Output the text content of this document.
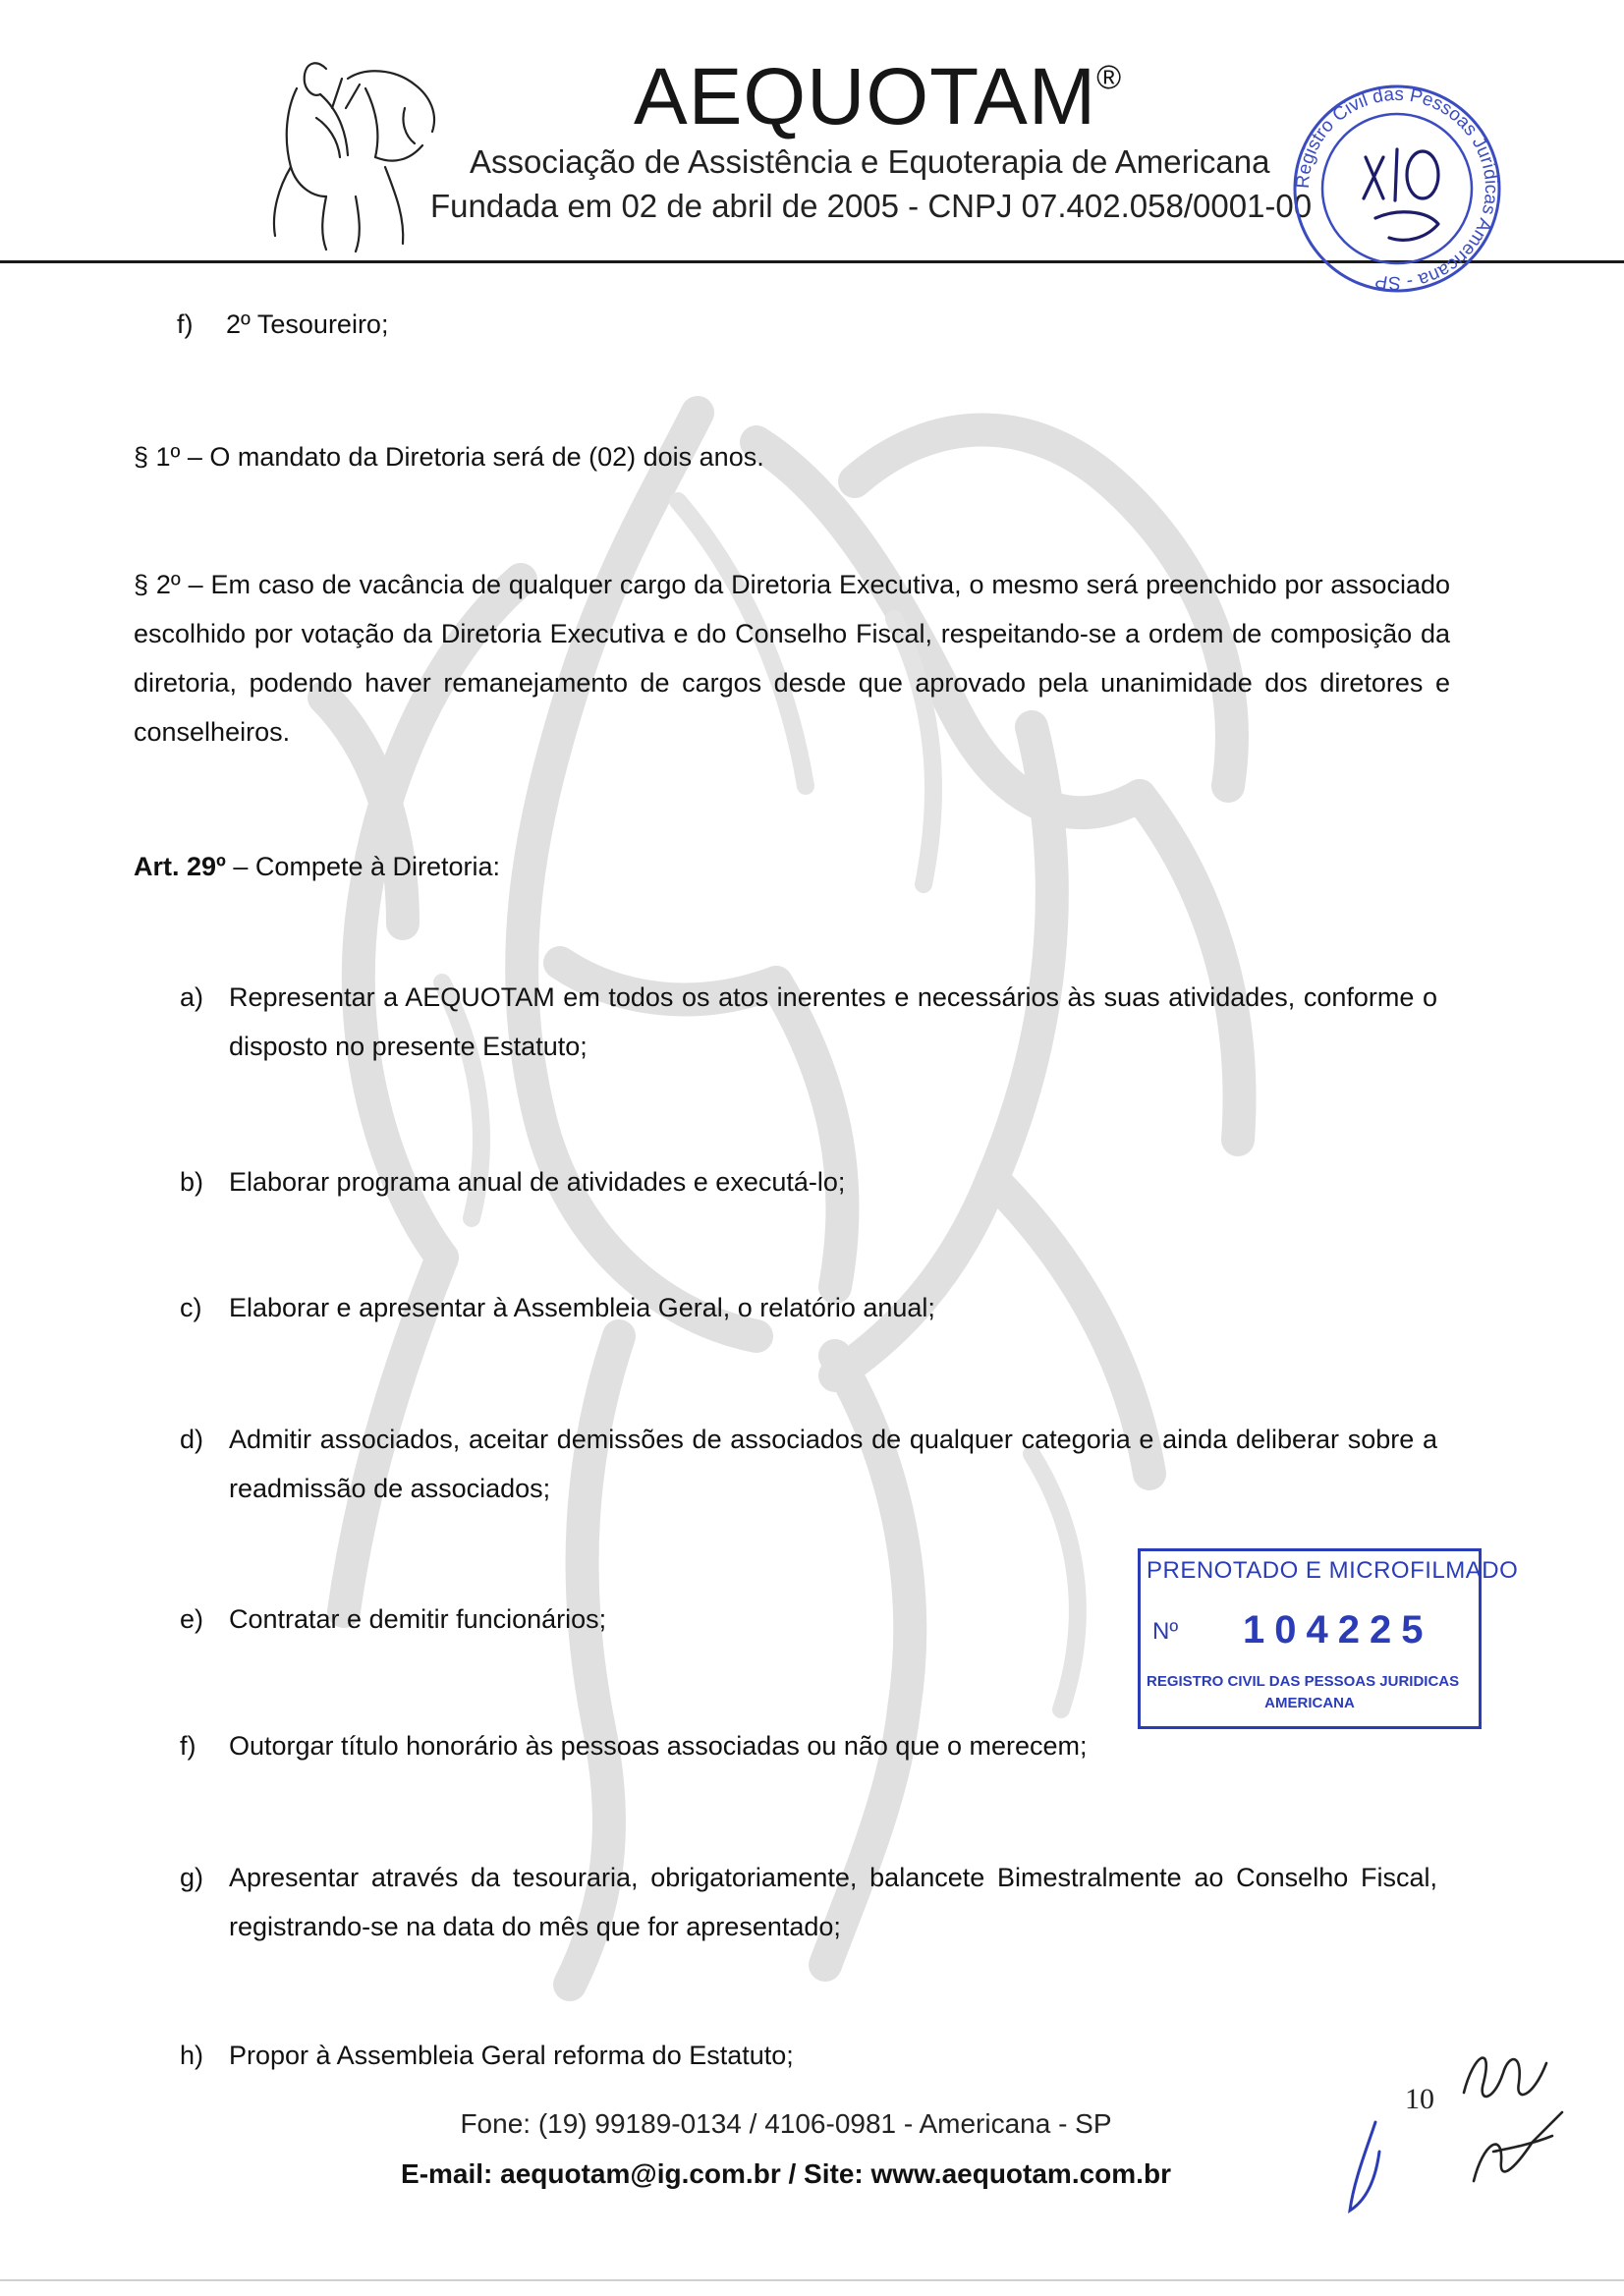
AEQUOTAM®
Associação de Assistência e Equoterapia de Americana
Fundada em 02 de abril de 2005 - CNPJ 07.402.058/0001-00
Registro Civil das Pessoas Jurídicas Americana - SP
f) 2º Tesoureiro;
§ 1º – O mandato da Diretoria será de (02) dois anos.
§ 2º – Em caso de vacância de qualquer cargo da Diretoria Executiva, o mesmo será preenchido por associado escolhido por votação da Diretoria Executiva e do Conselho Fiscal, respeitando-se a ordem de composição da diretoria, podendo haver remanejamento de cargos desde que aprovado pela unanimidade dos diretores e conselheiros.
Art. 29º – Compete à Diretoria:
a) Representar a AEQUOTAM em todos os atos inerentes e necessários às suas atividades, conforme o disposto no presente Estatuto;
b) Elaborar programa anual de atividades e executá-lo;
c) Elaborar e apresentar à Assembleia Geral, o relatório anual;
d) Admitir associados, aceitar demissões de associados de qualquer categoria e ainda deliberar sobre a readmissão de associados;
e) Contratar e demitir funcionários;
f) Outorgar título honorário às pessoas associadas ou não que o merecem;
g) Apresentar através da tesouraria, obrigatoriamente, balancete Bimestralmente ao Conselho Fiscal, registrando-se na data do mês que for apresentado;
h) Propor à Assembleia Geral reforma do Estatuto;
PRENOTADO E MICROFILMADO
Nº 104225
REGISTRO CIVIL DAS PESSOAS JURIDICAS
AMERICANA
Fone: (19) 99189-0134 / 4106-0981 - Americana - SP
E-mail: aequotam@ig.com.br / Site: www.aequotam.com.br
10
